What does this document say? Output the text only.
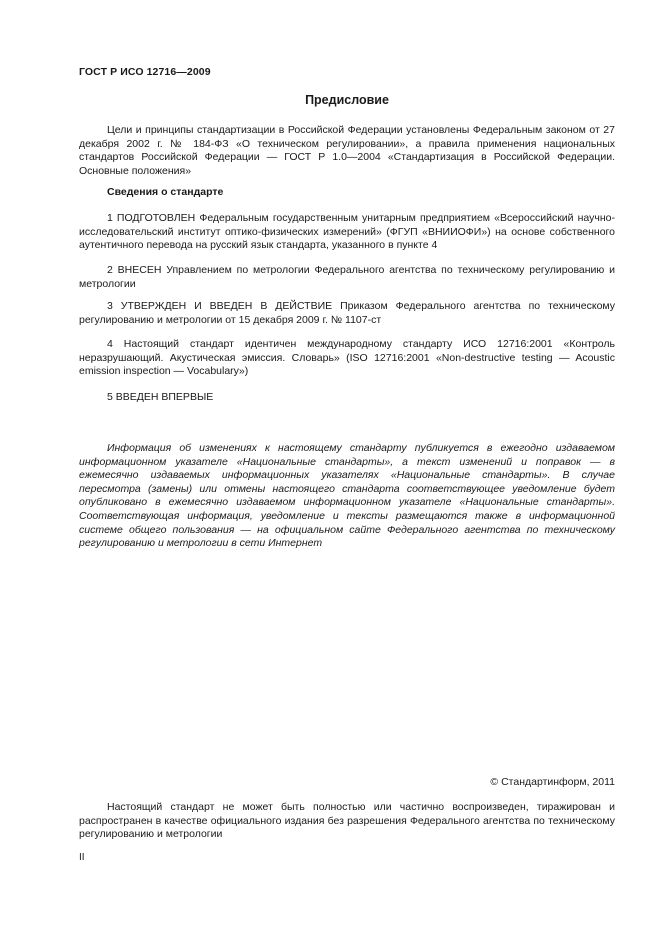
ГОСТ Р ИСО 12716—2009
Предисловие

Цели и принципы стандартизации в Российской Федерации установлены Федеральным законом от 27 декабря 2002 г. № 184-ФЗ «О техническом регулировании», а правила применения национальных стандартов Российской Федерации — ГОСТ Р 1.0—2004 «Стандартизация в Российской Федерации. Основные положения»

Сведения о стандарте

1 ПОДГОТОВЛЕН Федеральным государственным унитарным предприятием «Всероссийский научно-исследовательский институт оптико-физических измерений» (ФГУП «ВНИИОФИ») на основе собственного аутентичного перевода на русский язык стандарта, указанного в пункте 4

2 ВНЕСЕН Управлением по метрологии Федерального агентства по техническому регулированию и метрологии

3 УТВЕРЖДЕН И ВВЕДЕН В ДЕЙСТВИЕ Приказом Федерального агентства по техническому регулированию и метрологии от 15 декабря 2009 г. № 1107-ст

4 Настоящий стандарт идентичен международному стандарту ИСО 12716:2001 «Контроль неразрушающий. Акустическая эмиссия. Словарь» (ISO 12716:2001 «Non-destructive testing — Acoustic emission inspection — Vocabulary»)

5 ВВЕДЕН ВПЕРВЫЕ

Информация об изменениях к настоящему стандарту публикуется в ежегодно издаваемом информационном указателе «Национальные стандарты», а текст изменений и поправок — в ежемесячно издаваемых информационных указателях «Национальные стандарты». В случае пересмотра (замены) или отмены настоящего стандарта соответствующее уведомление будет опубликовано в ежемесячно издаваемом информационном указателе «Национальные стандарты». Соответствующая информация, уведомление и тексты размещаются также в информационной системе общего пользования — на официальном сайте Федерального агентства по техническому регулированию и метрологии в сети Интернет

© Стандартинформ, 2011

Настоящий стандарт не может быть полностью или частично воспроизведен, тиражирован и распространен в качестве официального издания без разрешения Федерального агентства по техническому регулированию и метрологии

II
